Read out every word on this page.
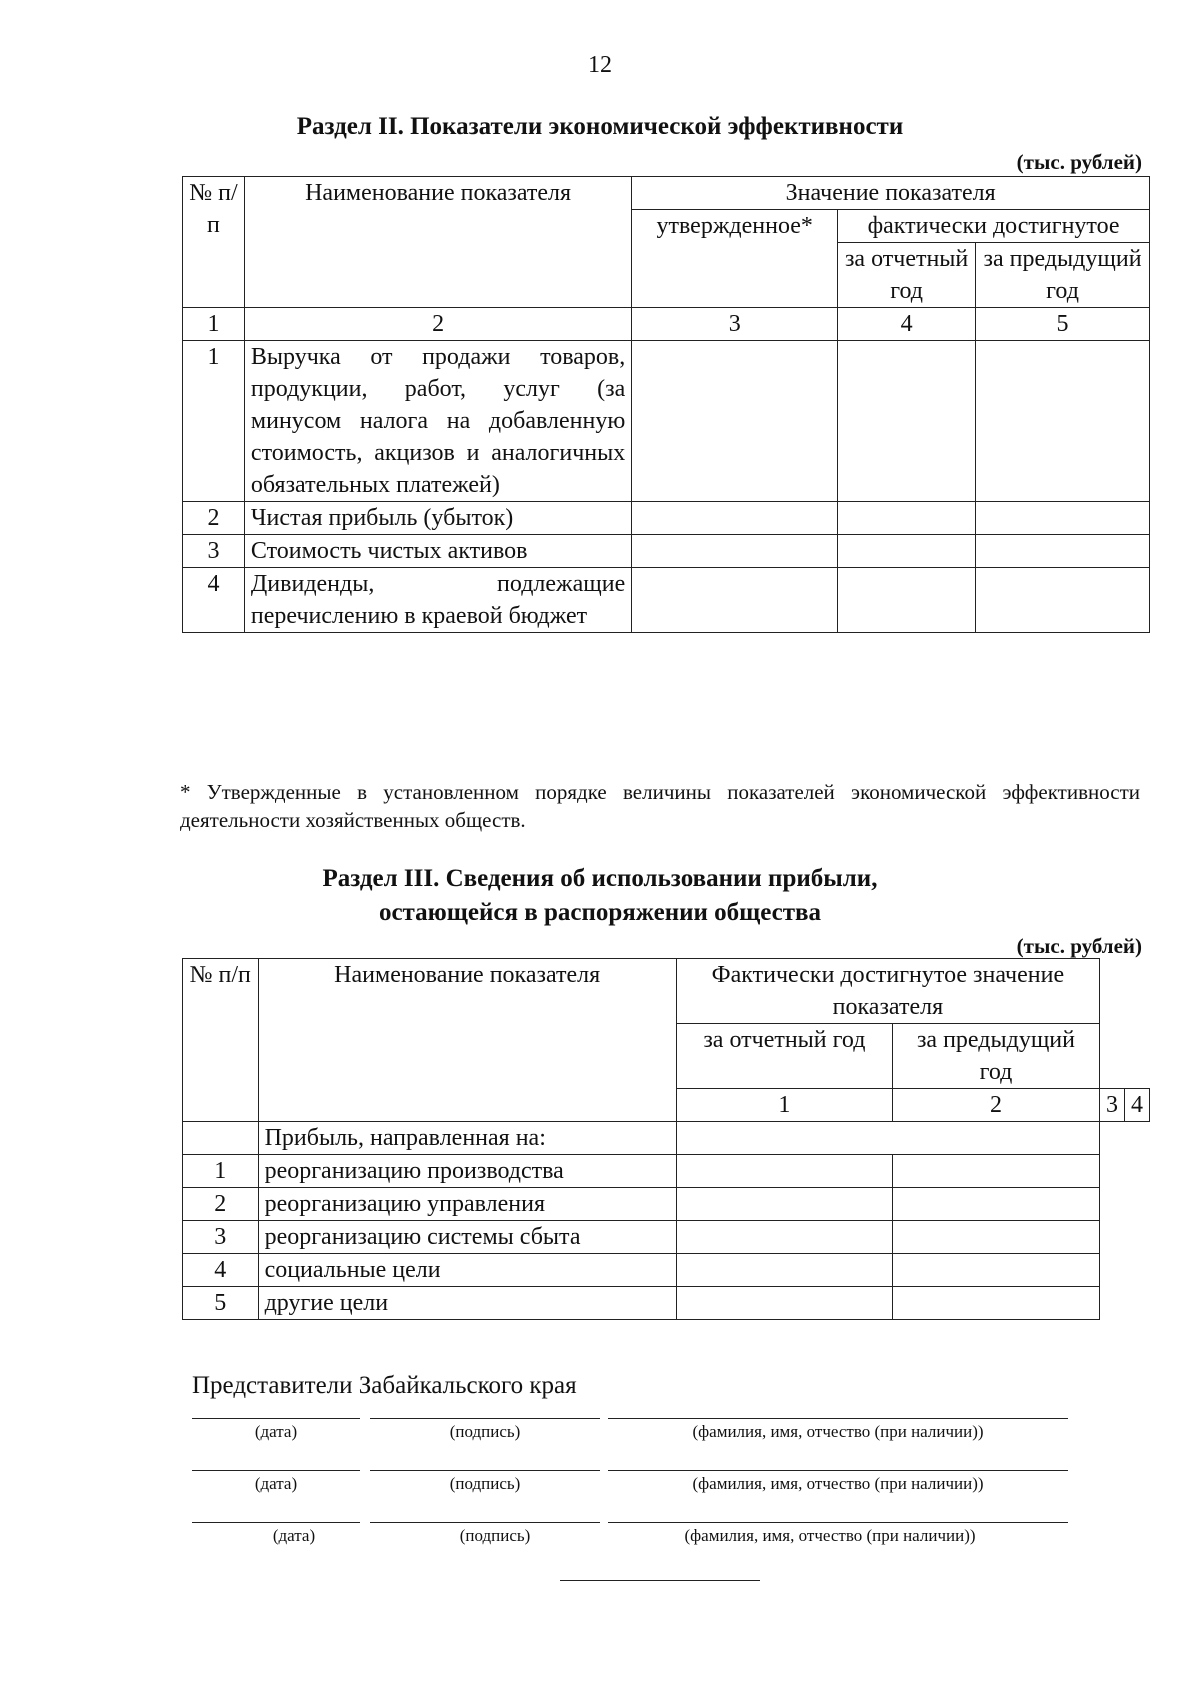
12
Раздел II. Показатели экономической эффективности
(тыс. рублей)
№ п/п	Наименование показателя	Значение показателя		
		утвержденное*	фактически достигнутое	
			за отчетный год	за предыдущий год
1	2	3	4	5
1	Выручка от продажи товаров, продукции, работ, услуг (за минусом налога на добавленную стоимость, акцизов и аналогичных обязательных платежей)			
2	Чистая прибыль (убыток)			
3	Стоимость чистых активов			
4	Дивиденды, подлежащие перечислению в краевой бюджет			
* Утвержденные в установленном порядке величины показателей экономической эффективности деятельности хозяйственных обществ.
Раздел III. Сведения об использовании прибыли,
остающейся в распоряжении общества
(тыс. рублей)
№ п/п	Наименование показателя	Фактически достигнутое значение показателя			
		за отчетный год	за предыдущий год		
		1	2	3	4
	Прибыль, направленная на:				
1	реорганизацию производства				
2	реорганизацию управления				
3	реорганизацию системы сбыта				
4	социальные цели				
5	другие цели				
Представители Забайкальского края
(дата)	(подпись)	(фамилия, имя, отчество (при наличии))
(дата)	(подпись)	(фамилия, имя, отчество (при наличии))
(дата)	(подпись)	(фамилия, имя, отчество (при наличии))
